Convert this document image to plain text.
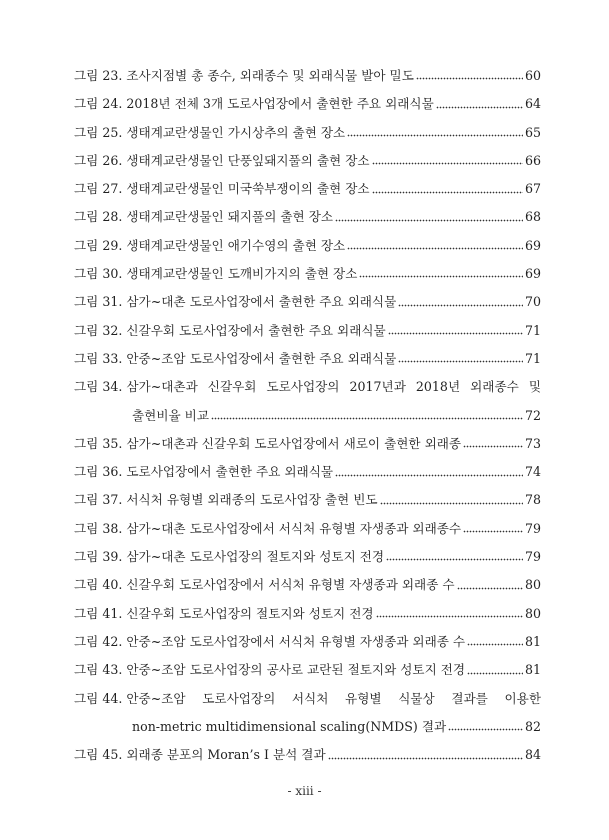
그림 23. 조사지점별 총 종수, 외래종수 및 외래식물 발아 밀도	60
그림 24. 2018년 전체 3개 도로사업장에서 출현한 주요 외래식물	64
그림 25. 생태계교란생물인 가시상추의 출현 장소	65
그림 26. 생태계교란생물인 단풍잎돼지풀의 출현 장소	66
그림 27. 생태계교란생물인 미국쑥부쟁이의 출현 장소	67
그림 28. 생태계교란생물인 돼지풀의 출현 장소	68
그림 29. 생태계교란생물인 애기수영의 출현 장소	69
그림 30. 생태계교란생물인 도깨비가지의 출현 장소	69
그림 31. 삼가~대촌 도로사업장에서 출현한 주요 외래식물	70
그림 32. 신갈우회 도로사업장에서 출현한 주요 외래식물	71
그림 33. 안중~조암 도로사업장에서 출현한 주요 외래식물	71
그림 34. 삼가~대촌과 신갈우회 도로사업장의 2017년과 2018년 외래종수 및
출현비율 비교	72
그림 35. 삼가~대촌과 신갈우회 도로사업장에서 새로이 출현한 외래종	73
그림 36. 도로사업장에서 출현한 주요 외래식물	74
그림 37. 서식처 유형별 외래종의 도로사업장 출현 빈도	78
그림 38. 삼가~대촌 도로사업장에서 서식처 유형별 자생종과 외래종수	79
그림 39. 삼가~대촌 도로사업장의 절토지와 성토지 전경	79
그림 40. 신갈우회 도로사업장에서 서식처 유형별 자생종과 외래종 수	80
그림 41. 신갈우회 도로사업장의 절토지와 성토지 전경	80
그림 42. 안중~조암 도로사업장에서 서식처 유형별 자생종과 외래종 수	81
그림 43. 안중~조암 도로사업장의 공사로 교란된 절토지와 성토지 전경	81
그림 44. 안중~조암 도로사업장의 서식처 유형별 식물상 결과를 이용한
non-metric multidimensional scaling(NMDS) 결과	82
그림 45. 외래종 분포의 Moran’s I 분석 결과	84
- xiii -
